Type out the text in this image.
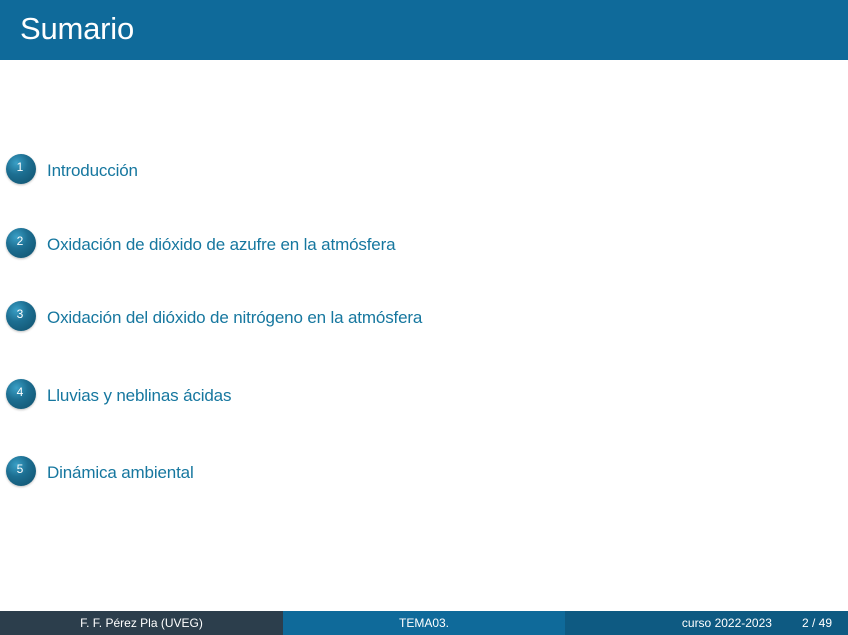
Sumario
1 Introducción
2 Oxidación de dióxido de azufre en la atmósfera
3 Oxidación del dióxido de nitrógeno en la atmósfera
4 Lluvias y neblinas ácidas
5 Dinámica ambiental
F. F. Pérez Pla (UVEG)	TEMA03.	curso 2022-2023	2 / 49
